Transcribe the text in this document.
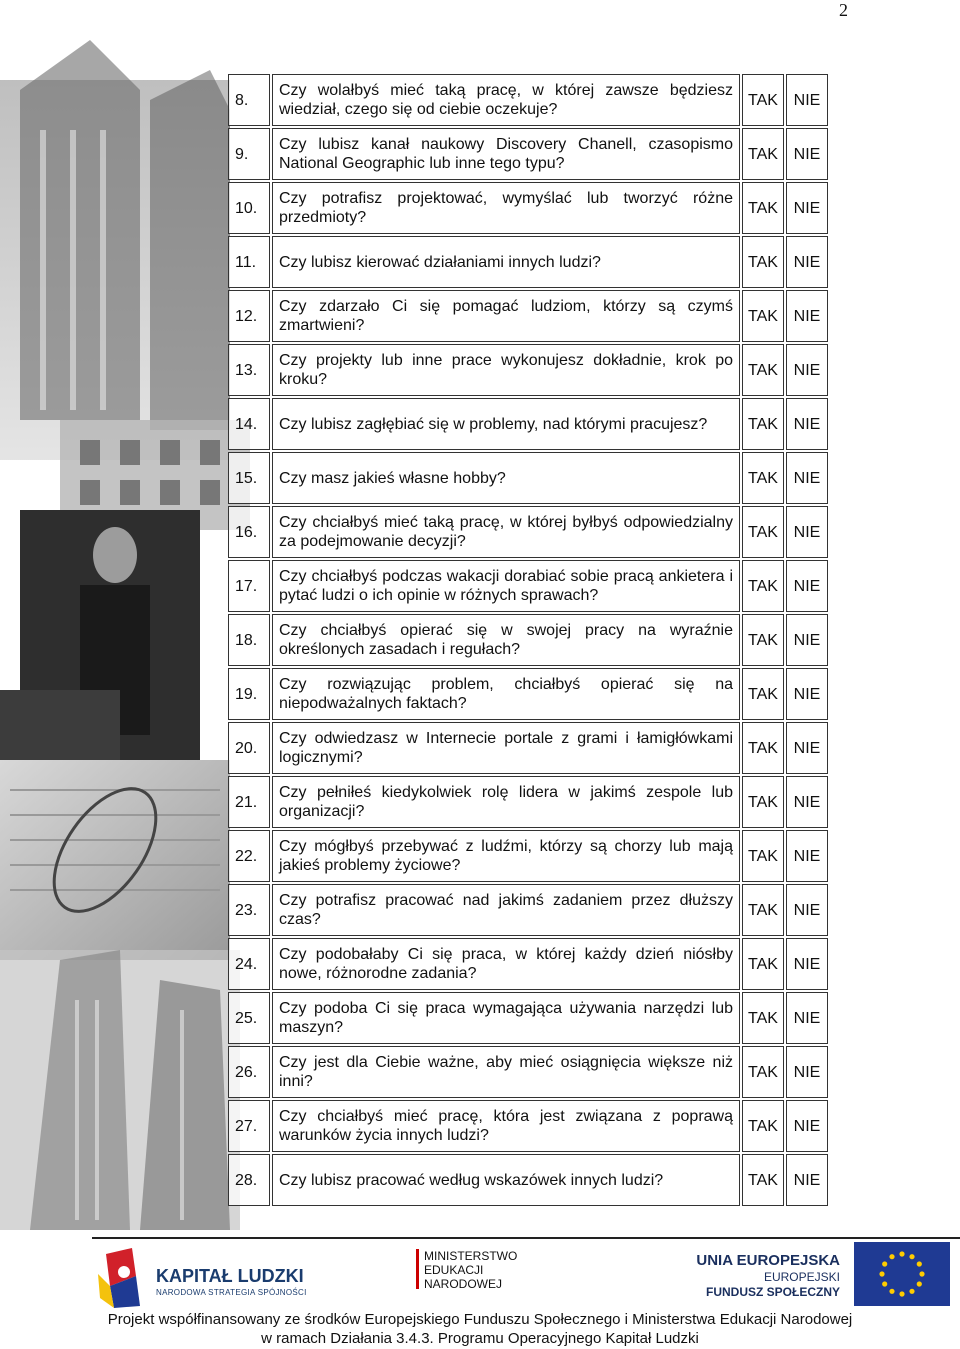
2
8.	Czy wolałbyś mieć taką pracę, w której zawsze będziesz wiedział, czego się od ciebie oczekuje?	TAK	NIE
9.	Czy lubisz kanał naukowy Discovery Chanell, czasopismo National Geographic lub inne tego typu?	TAK	NIE
10.	Czy potrafisz projektować, wymyślać lub tworzyć różne przedmioty?	TAK	NIE
11.	Czy lubisz kierować działaniami innych ludzi?	TAK	NIE
12.	Czy zdarzało Ci się pomagać ludziom, którzy są czymś zmartwieni?	TAK	NIE
13.	Czy projekty lub inne prace wykonujesz dokładnie, krok po kroku?	TAK	NIE
14.	Czy lubisz zagłębiać się w problemy, nad którymi pracujesz?	TAK	NIE
15.	Czy masz jakieś własne hobby?	TAK	NIE
16.	Czy chciałbyś mieć taką pracę, w której byłbyś odpowiedzialny za podejmowanie decyzji?	TAK	NIE
17.	Czy chciałbyś podczas wakacji dorabiać sobie pracą ankietera i pytać ludzi o ich opinie w różnych sprawach?	TAK	NIE
18.	Czy chciałbyś opierać się w swojej pracy na wyraźnie określonych zasadach i regułach?	TAK	NIE
19.	Czy rozwiązując problem, chciałbyś opierać się na niepodważalnych faktach?	TAK	NIE
20.	Czy odwiedzasz w Internecie portale z grami i łamigłówkami logicznymi?	TAK	NIE
21.	Czy pełniłeś kiedykolwiek rolę lidera w jakimś zespole lub organizacji?	TAK	NIE
22.	Czy mógłbyś przebywać z ludźmi, którzy są chorzy lub mają jakieś problemy życiowe?	TAK	NIE
23.	Czy potrafisz pracować nad jakimś zadaniem przez dłuższy czas?	TAK	NIE
24.	Czy podobałaby Ci się praca, w której każdy dzień niósłby nowe, różnorodne zadania?	TAK	NIE
25.	Czy podoba Ci się praca wymagająca używania narzędzi lub maszyn?	TAK	NIE
26.	Czy jest dla Ciebie ważne, aby mieć osiągnięcia większe niż inni?	TAK	NIE
27.	Czy chciałbyś mieć pracę, która jest związana z poprawą warunków życia innych ludzi?	TAK	NIE
28.	Czy lubisz pracować według wskazówek innych ludzi?	TAK	NIE
KAPITAŁ LUDZKI
NARODOWA STRATEGIA SPÓJNOŚCI
MINISTERSTWO
EDUKACJI
NARODOWEJ
UNIA EUROPEJSKA
EUROPEJSKI
FUNDUSZ SPOŁECZNY
Projekt współfinansowany ze środków Europejskiego Funduszu Społecznego i Ministerstwa Edukacji Narodowej
w ramach Działania 3.4.3. Programu Operacyjnego Kapitał Ludzki
